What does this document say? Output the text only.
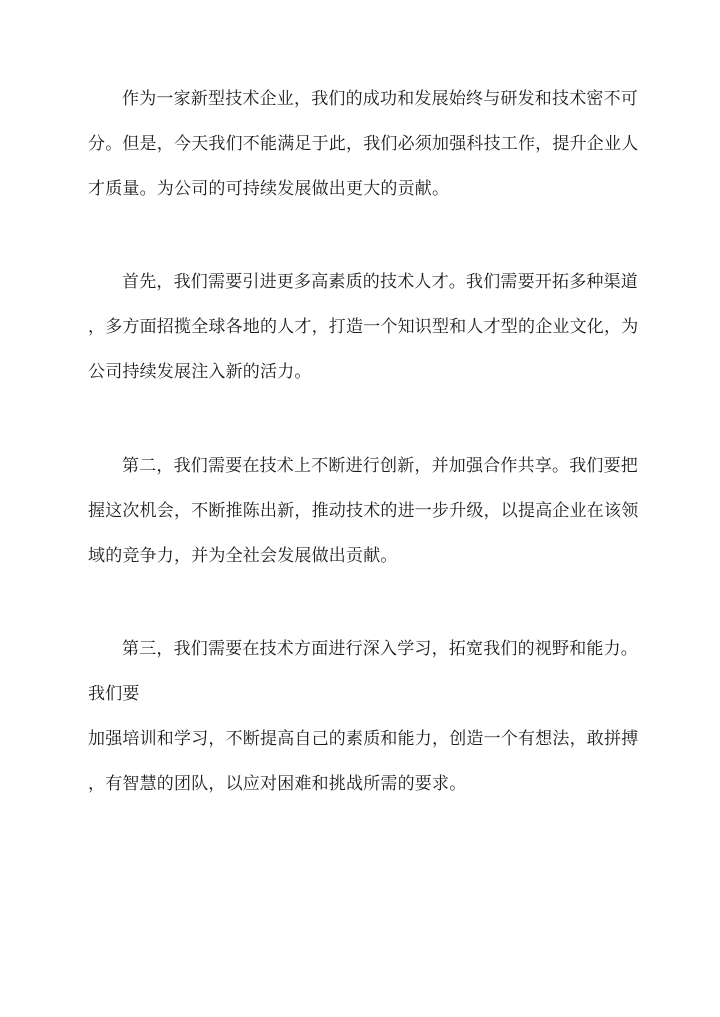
作为一家新型技术企业，我们的成功和发展始终与研发和技术密不可
分。但是，今天我们不能满足于此，我们必须加强科技工作，提升企业人
才质量。为公司的可持续发展做出更大的贡献。
首先，我们需要引进更多高素质的技术人才。我们需要开拓多种渠道
，多方面招揽全球各地的人才，打造一个知识型和人才型的企业文化，为
公司持续发展注入新的活力。
第二，我们需要在技术上不断进行创新，并加强合作共享。我们要把
握这次机会，不断推陈出新，推动技术的进一步升级，以提高企业在该领
域的竞争力，并为全社会发展做出贡献。
第三，我们需要在技术方面进行深入学习，拓宽我们的视野和能力。
我们要
加强培训和学习，不断提高自己的素质和能力，创造一个有想法，敢拼搏
，有智慧的团队，以应对困难和挑战所需的要求。
